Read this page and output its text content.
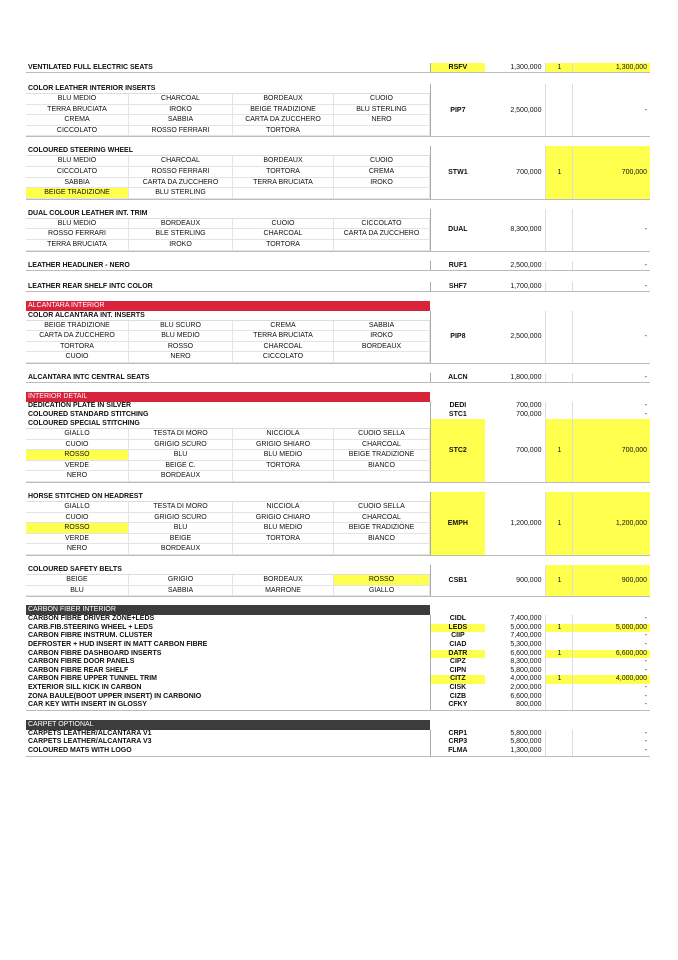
VENTILATED FULL ELECTRIC SEATS	RSFV	1,300,000	1	1,300,000
COLOR LEATHER INTERIOR INSERTS
BLU MEDIO	CHARCOAL	BORDEAUX	CUOIO
TERRA BRUCIATA	IROKO	BEIGE TRADIZIONE	BLU STERLING
CREMA	SABBIA	CARTA DA ZUCCHERO	NERO
CICCOLATO	ROSSO FERRARI	TORTORA
PIP7	2,500,000	-
COLOURED STEERING WHEEL
BLU MEDIO	CHARCOAL	BORDEAUX	CUOIO
CICCOLATO	ROSSO FERRARI	TORTORA	CREMA
SABBIA	CARTA DA ZUCCHERO	TERRA BRUCIATA	IROKO
BEIGE TRADIZIONE	BLU STERLING
STW1	700,000	1	700,000
DUAL COLOUR LEATHER INT. TRIM
BLU MEDIO	BORDEAUX	CUOIO	CICCOLATO
ROSSO FERRARI	BLE STERLING	CHARCOAL	CARTA DA ZUCCHERO
TERRA BRUCIATA	IROKO	TORTORA
DUAL	8,300,000	-
LEATHER HEADLINER - NERO	RUF1	2,500,000	-
LEATHER REAR SHELF INTC COLOR	SHF7	1,700,000	-
ALCANTARA INTERIOR
COLOR ALCANTARA INT. INSERTS
BEIGE TRADIZIONE	BLU SCURO	CREMA	SABBIA
CARTA DA ZUCCHERO	BLU MEDIO	TERRA BRUCIATA	IROKO
TORTORA	ROSSO	CHARCOAL	BORDEAUX
CUOIO	NERO	CICCOLATO
PIP8	2,500,000	-
ALCANTARA INTC CENTRAL SEATS	ALCN	1,800,000	-
INTERIOR DETAIL
DEDICATION PLATE IN SILVER	DEDI	700,000	-
COLOURED STANDARD STITCHING	STC1	700,000	-
COLOURED SPECIAL STITCHING
GIALLO	TESTA DI MORO	NICCIOLA	CUOIO SELLA
CUOIO	GRIGIO SCURO	GRIGIO SHIARO	CHARCOAL
ROSSO	BLU	BLU MEDIO	BEIGE TRADIZIONE
VERDE	BEIGE C.	TORTORA	BIANCO
NERO	BORDEAUX
STC2	700,000	1	700,000
HORSE STITCHED ON HEADREST
GIALLO	TESTA DI MORO	NICCIOLA	CUOIO SELLA
CUOIO	GRIGIO SCURO	GRIGIO CHIARO	CHARCOAL
ROSSO	BLU	BLU MEDIO	BEIGE TRADIZIONE
VERDE	BEIGE	TORTORA	BIANCO
NERO	BORDEAUX
EMPH	1,200,000	1	1,200,000
COLOURED SAFETY BELTS
BEIGE	GRIGIO	BORDEAUX	ROSSO
BLU	SABBIA	MARRONE	GIALLO
CSB1	900,000	1	900,000
CARBON FIBER INTERIOR
CARBON FIBRE DRIVER ZONE+LEDS	CIDL	7,400,000	-
CARB.FIB.STEERING WHEEL + LEDS	LEDS	5,000,000	1	5,000,000
CARBON FIBRE INSTRUM. CLUSTER	CIIP	7,400,000	-
DEFROSTER + HUD INSERT IN MATT CARBON FIBRE	CIAD	5,300,000	-
CARBON FIBRE DASHBOARD INSERTS	DATR	6,600,000	1	6,600,000
CARBON FIBRE DOOR PANELS	CIPZ	8,300,000	-
CARBON FIBRE REAR SHELF	CIPN	5,800,000	-
CARBON FIBRE UPPER TUNNEL TRIM	CITZ	4,000,000	1	4,000,000
EXTERIOR SILL KICK IN CARBON	CISK	2,000,000	-
ZONA BAULE(BOOT UPPER INSERT) IN CARBONIO	CIZB	6,600,000	-
CAR KEY WITH INSERT IN GLOSSY	CFKY	800,000	-
CARPET OPTIONAL
CARPETS LEATHER/ALCANTARA V1	CRP1	5,800,000	-
CARPETS LEATHER/ALCANTARA V3	CRP3	5,800,000	-
COLOURED MATS WITH LOGO	FLMA	1,300,000	-
